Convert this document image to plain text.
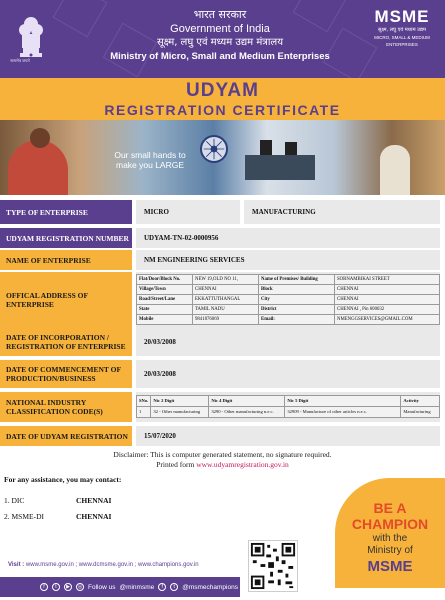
सत्यमेव जयते
भारत सरकार
Government of India
सूक्ष्म, लघु एवं मध्यम उद्यम मंत्रालय
Ministry of Micro, Small and Medium Enterprises
MSME
सूक्ष्म, लघु एवं मध्यम उद्यम
MICRO, SMALL & MEDIUM ENTERPRISES
UDYAM
REGISTRATION CERTIFICATE
Our small hands to
make you LARGE
TYPE OF ENTERPRISE	MICRO	MANUFACTURING
UDYAM REGISTRATION NUMBER	UDYAM-TN-02-0000956
NAME OF ENTERPRISE	NM ENGINEERING SERVICES
OFFICAL ADDRESS OF ENTERPRISE
Flat/Door/Block No.	NEW 19,OLD NO 11,	Name of Premises/ Building	SORNAMBIKAI STREET
Village/Town	CHENNAI	Block	CHENNAI
Road/Street/Lane	EKKATTUTHANGAL	City	CHENNAI
State	TAMIL NADU	District	CHENNAI , Pin 600032
Mobile	9841876069	Email:	NMENGGSERVICES@GMAIL.COM
DATE OF INCORPORATION / REGISTRATION OF ENTERPRISE	20/03/2008
DATE OF COMMENCEMENT OF PRODUCTION/BUSINESS	20/03/2008
NATIONAL INDUSTRY CLASSIFICATION CODE(S)
SNo.	Nic 2 Digit	Nic 4 Digit	Nic 5 Digit	Activity
1	32 - Other manufacturing	3290 - Other manufacturing n.e.c.	32909 - Manufacture of other articles n.e.c.	Manufacturing
DATE OF UDYAM REGISTRATION	15/07/2020
Disclaimer: This is computer generated statement, no signature required.
Printed form www.udyamregistration.gov.in
For any assistance, you may contact:
1. DIC	CHENNAI
2. MSME-DI	CHENNAI
BE A
CHAMPION
with the
Ministry of
MSME
Visit : www.msme.gov.in ; www.dcmsme.gov.in ; www.champions.gov.in
f	t	▶	◎ Follow us @minmsme	f	t	@msmechampions
